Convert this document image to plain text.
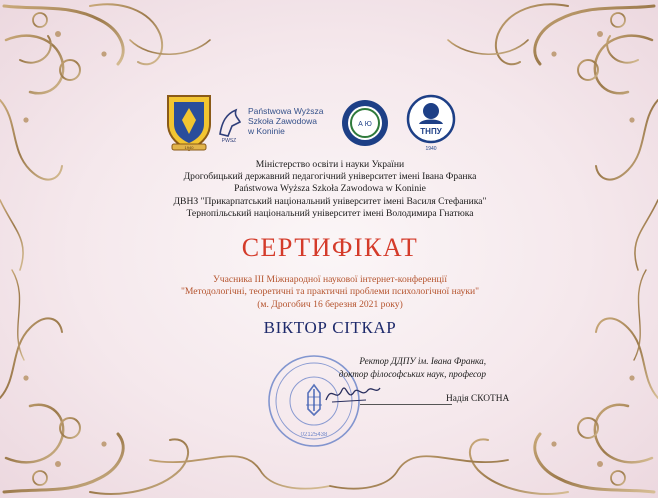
1940
PWSZ
Państwowa Wyższa
Szkoła Zawodowa
w Koninie
А Ю
ТНПУ
1940
Міністерство освіти і науки України
Дрогобицький державний педагогічний університет імені Івана Франка
Państwowa Wyższa Szkoła Zawodowa w Koninie
ДВНЗ "Прикарпатський національний університет імені Василя Стефаника"
Тернопільський національний університет імені Володимира Гнатюка
СЕРТИФІКАТ
Учасника ІІІ Міжнародної наукової інтернет-конференції
"Методологічні, теоретичні та практичні проблеми психологічної науки"
(м. Дрогобич 16 березня 2021 року)
ВІКТОР СІТКАР
02125438
Ректор ДДПУ ім. Івана Франка,
доктор філософських наук, професор
Надія СКОТНА
